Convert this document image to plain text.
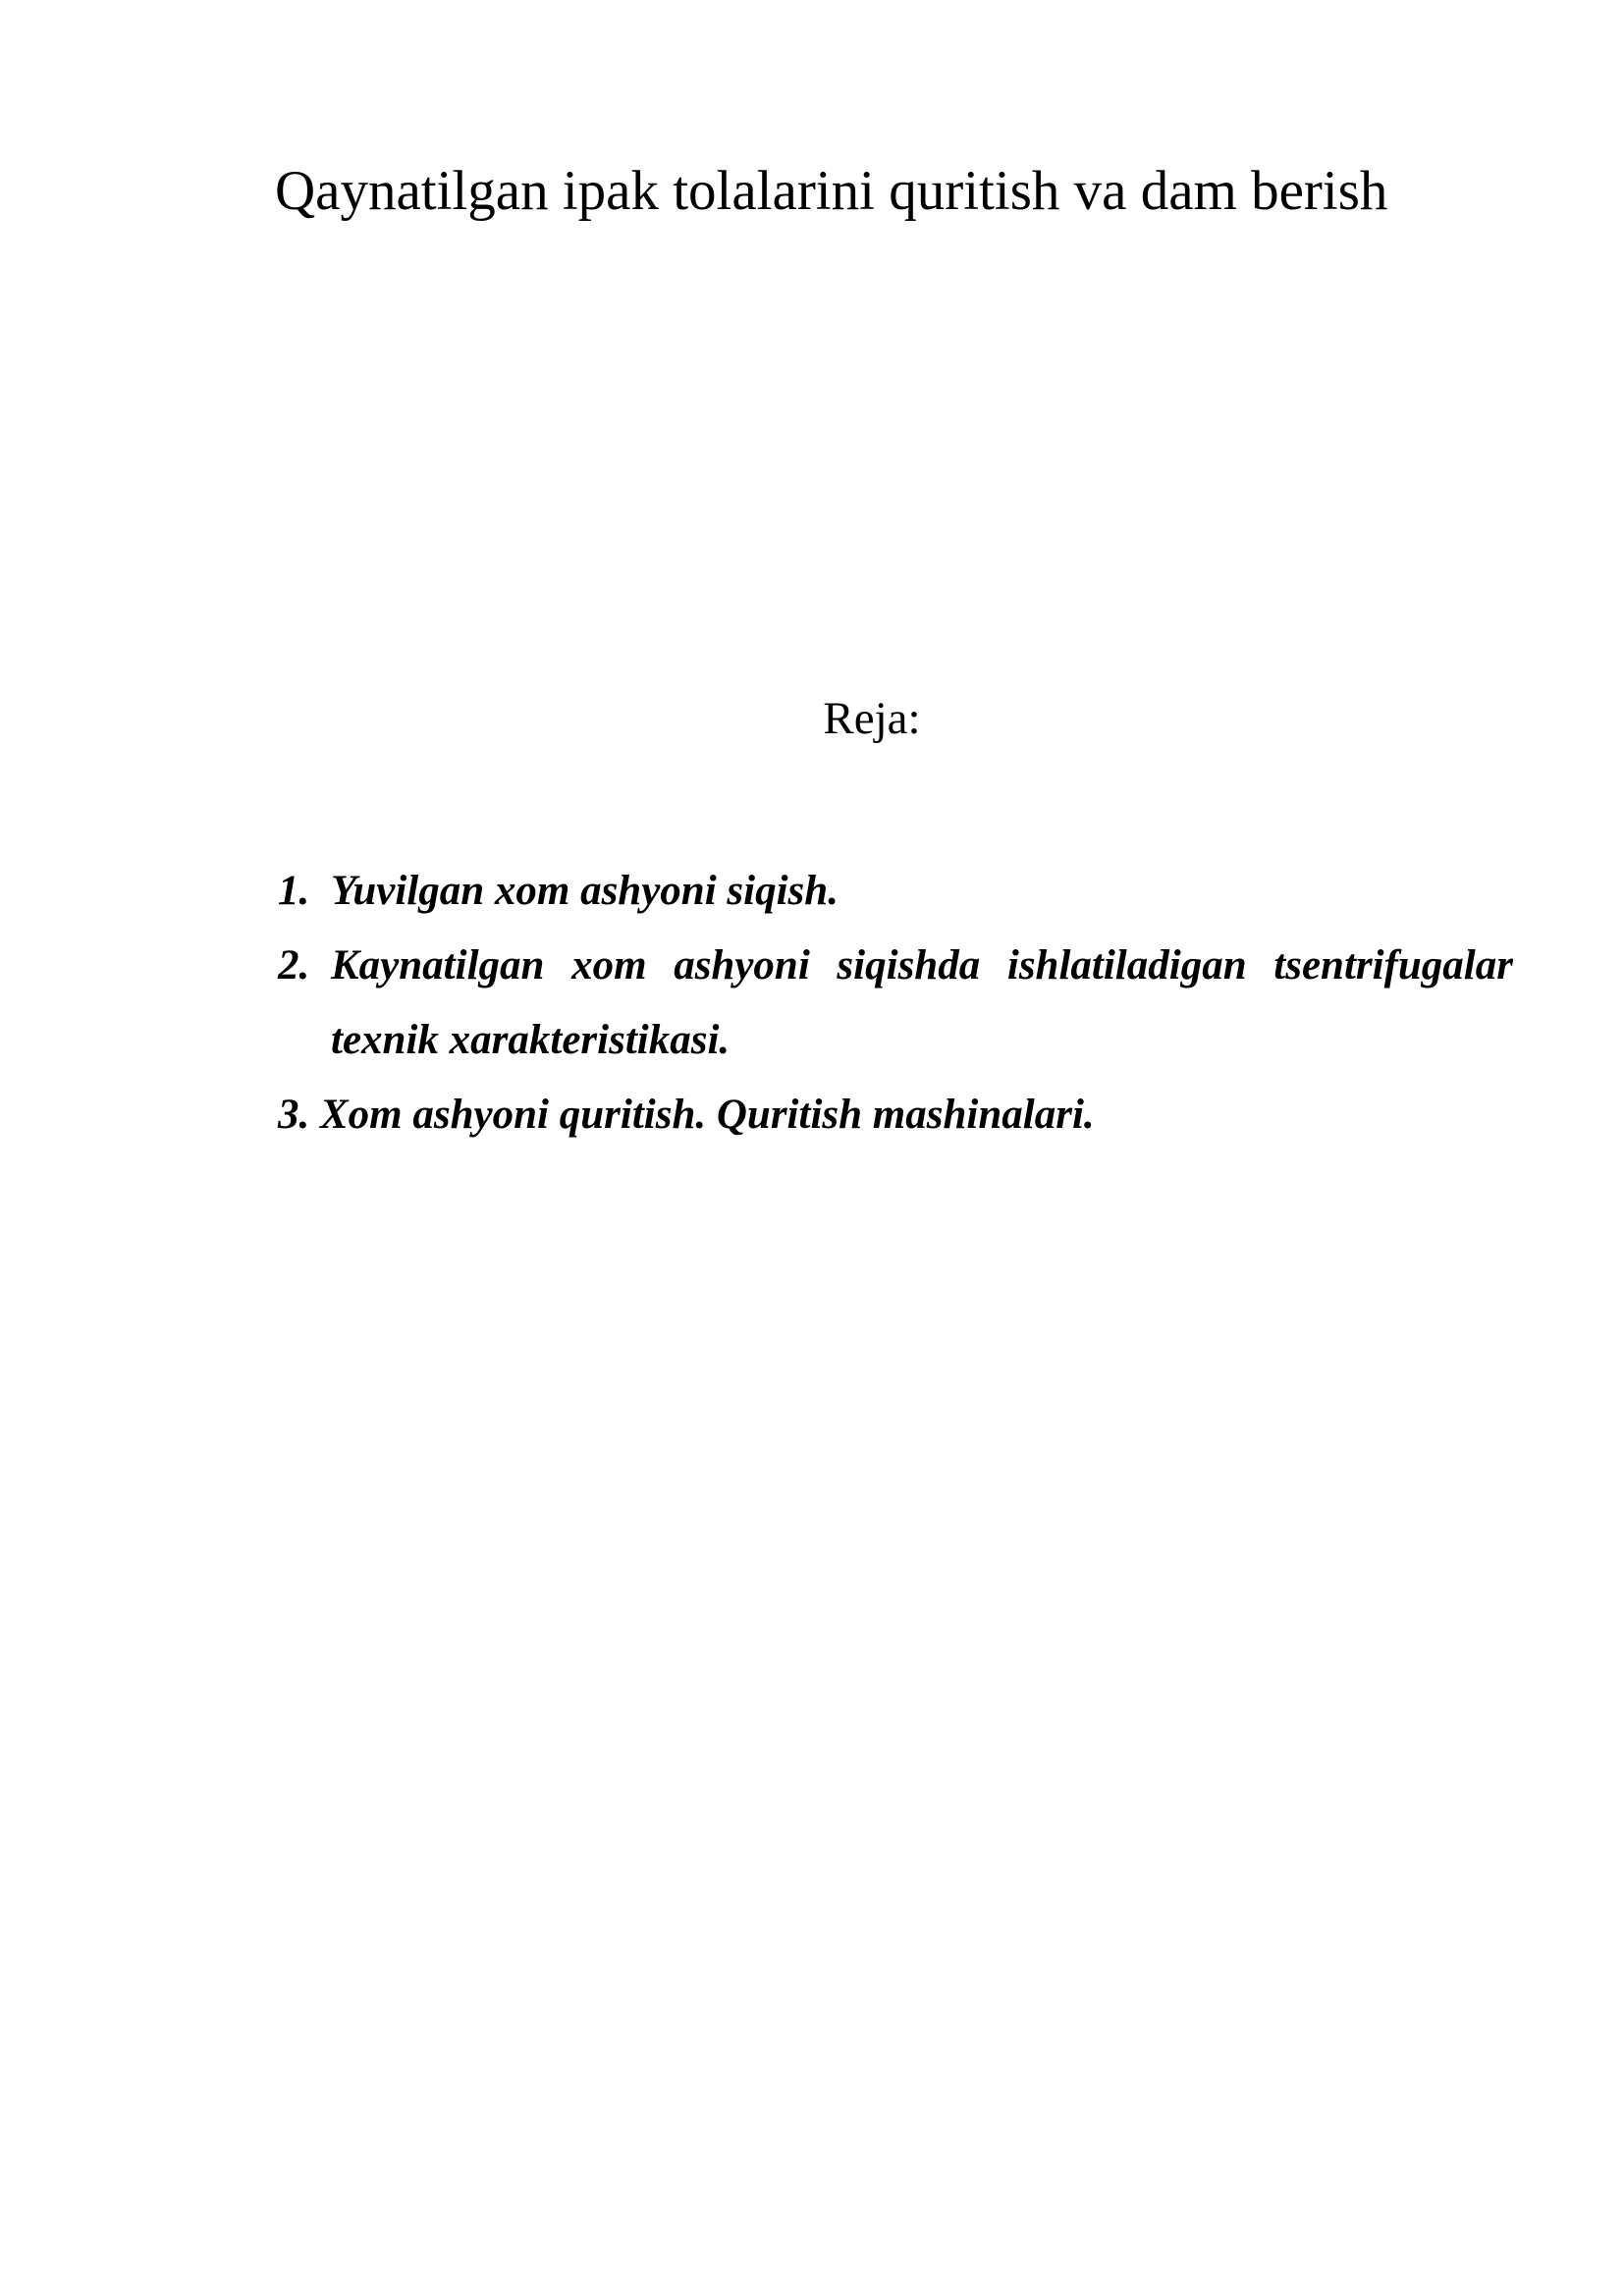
Qaynatilgan ipak tolalarini quritish va dam berish
Reja:
1. Yuvilgan xom ashyoni siqish.
2. Kaynatilgan xom ashyoni siqishda ishlatiladigan tsentrifugalar
texnik xarakteristikasi.
3. Xom ashyoni quritish. Quritish mashinalari.
